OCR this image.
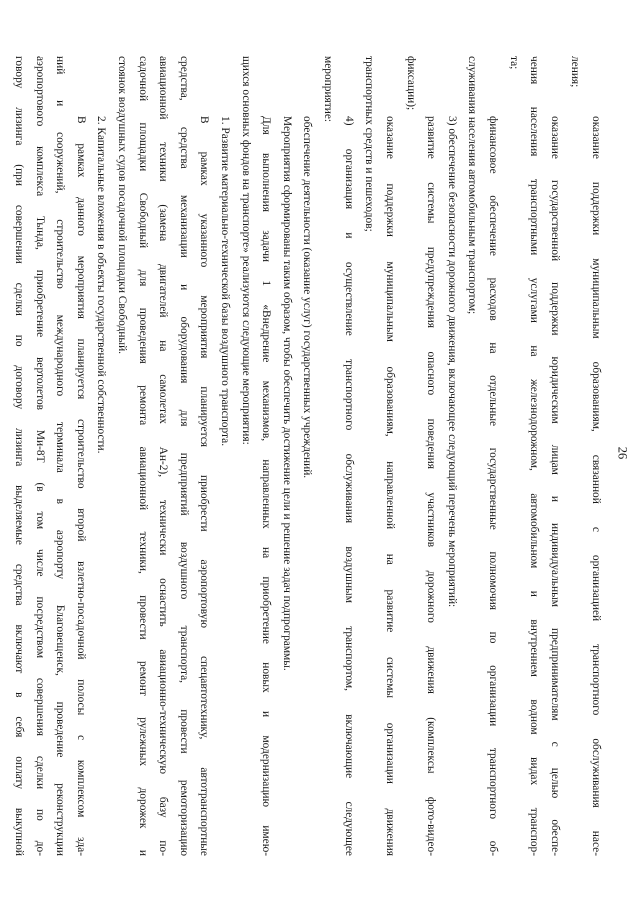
26
оказание поддержки муниципальным образованиям, связанной с организацией транспортного обслуживания насе-
ления;
оказание государственной поддержки юридическим лицам и индивидуальным предпринимателям с целью обеспе-
чения населения транспортными услугами на железнодорожном, автомобильном и внутреннем водном видах транспор-
та;
финансовое обеспечение расходов на отдельные государственные полномочия по организации транспортного об-
служивания населения автомобильным транспортом;
3) обеспечение безопасности дорожного движения, включающее следующий перечень мероприятий:
развитие системы предупреждения опасного поведения участников дорожного движения (комплексы фото-видео-
фиксации);
оказание поддержки муниципальным образованиям, направленной на развитие системы организации движения
транспортных средств и пешеходов;
4) организация и осуществление транспортного обслуживания воздушным транспортом, включающие следующее
мероприятие:
обеспечение деятельности (оказание услуг) государственных учреждений.
Мероприятия сформированы таким образом, чтобы обеспечить достижение цели и решение задач подпрограммы.
Для выполнения задачи 1 «Внедрение механизмов, направленных на приобретение новых и модернизацию имею-
щихся основных фондов на транспорте» реализуются следующие мероприятия:
1. Развитие материально-технической базы воздушного транспорта.
В рамках указанного мероприятия планируется приобрести аэропортовую спецавтотехнику, автотранспортные
средства, средства механизации и оборудования для предприятий воздушного транспорта, провести ремоторизацию
авиационной техники (замена двигателей на самолетах Ан-2), технически оснастить авиационно-техническую базу по-
садочной площадки Свободный для проведения ремонта авиационной техники, провести ремонт рулежных дорожек и
стоянок воздушных судов посадочной площадки Свободный.
2. Капитальные вложения в объекты государственной собственности.
В рамках данного мероприятия планируется строительство второй взлетно-посадочной полосы с комплексом зда-
ний и сооружений, строительство международного терминала в аэропорту Благовещенск, проведение реконструкции
аэропортового комплекса Тында, приобретение вертолетов Ми-8Т (в том числе посредством совершения сделки по до-
говору лизинга (при совершении сделки по договору лизинга выделяемые средства включают в себя оплату выкупной
